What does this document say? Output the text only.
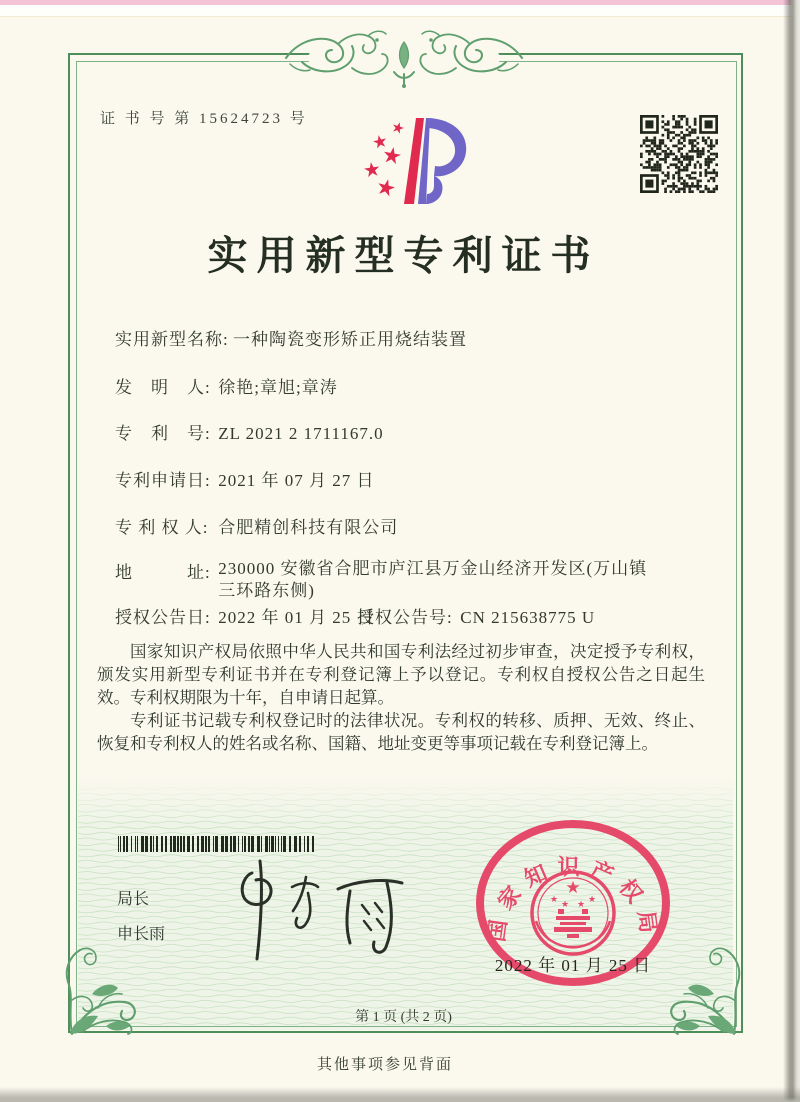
证 书 号 第 15624723 号
实用新型专利证书
实用新型名称: 一种陶瓷变形矫正用烧结装置
发　明　人: 徐艳;章旭;章涛
专　利　号: ZL 2021 2 1711167.0
专利申请日: 2021 年 07 月 27 日
专 利 权 人: 合肥精创科技有限公司
地　　　址: 230000 安徽省合肥市庐江县万金山经济开发区(万山镇三环路东侧)
授权公告日: 2022 年 01 月 25 日
授权公告号: CN 215638775 U

国家知识产权局依照中华人民共和国专利法经过初步审查，决定授予专利权，颁发实用新型专利证书并在专利登记簿上予以登记。专利权自授权公告之日起生效。专利权期限为十年，自申请日起算。

专利证书记载专利权登记时的法律状况。专利权的转移、质押、无效、终止、恢复和专利权人的姓名或名称、国籍、地址变更等事项记载在专利登记簿上。

局长
申长雨	国家知识产权局
★
★ ★ ★ ★
2022 年 01 月 25 日
第 1 页 (共 2 页)
其他事项参见背面
